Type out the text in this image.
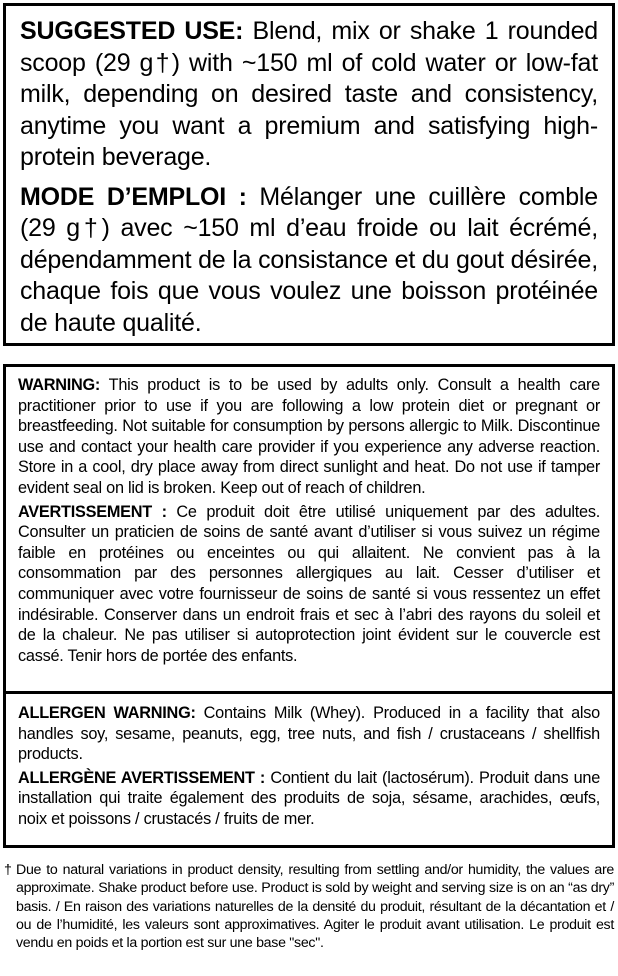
SUGGESTED USE: Blend, mix or shake 1 rounded scoop (29 g†) with ~150 ml of cold water or low-fat milk, depending on desired taste and consistency, anytime you want a premium and satisfying high-protein beverage.

MODE D’EMPLOI : Mélanger une cuillère comble (29 g†) avec ~150 ml d’eau froide ou lait écrémé, dépendamment de la consistance et du gout désirée, chaque fois que vous voulez une boisson protéinée de haute qualité.

WARNING: This product is to be used by adults only. Consult a health care practitioner prior to use if you are following a low protein diet or pregnant or breastfeeding. Not suitable for consumption by persons allergic to Milk. Discontinue use and contact your health care provider if you experience any adverse reaction. Store in a cool, dry place away from direct sunlight and heat. Do not use if tamper evident seal on lid is broken. Keep out of reach of children.

AVERTISSEMENT : Ce produit doit être utilisé uniquement par des adultes. Consulter un praticien de soins de santé avant d’utiliser si vous suivez un régime faible en protéines ou enceintes ou qui allaitent. Ne convient pas à la consommation par des personnes allergiques au lait. Cesser d’utiliser et communiquer avec votre fournisseur de soins de santé si vous ressentez un effet indésirable. Conserver dans un endroit frais et sec à l’abri des rayons du soleil et de la chaleur. Ne pas utiliser si autoprotection joint évident sur le couvercle est cassé. Tenir hors de portée des enfants.

ALLERGEN WARNING: Contains Milk (Whey). Produced in a facility that also handles soy, sesame, peanuts, egg, tree nuts, and fish / crustaceans / shellfish products.

ALLERGÈNE AVERTISSEMENT : Contient du lait (lactosérum). Produit dans une installation qui traite également des produits de soja, sésame, arachides, œufs, noix et poissons / crustacés / fruits de mer.

† Due to natural variations in product density, resulting from settling and/or humidity, the values are approximate. Shake product before use. Product is sold by weight and serving size is on an “as dry” basis. / En raison des variations naturelles de la densité du produit, résultant de la décantation et / ou de l’humidité, les valeurs sont approximatives. Agiter le produit avant utilisation. Le produit est vendu en poids et la portion est sur une base "sec".
